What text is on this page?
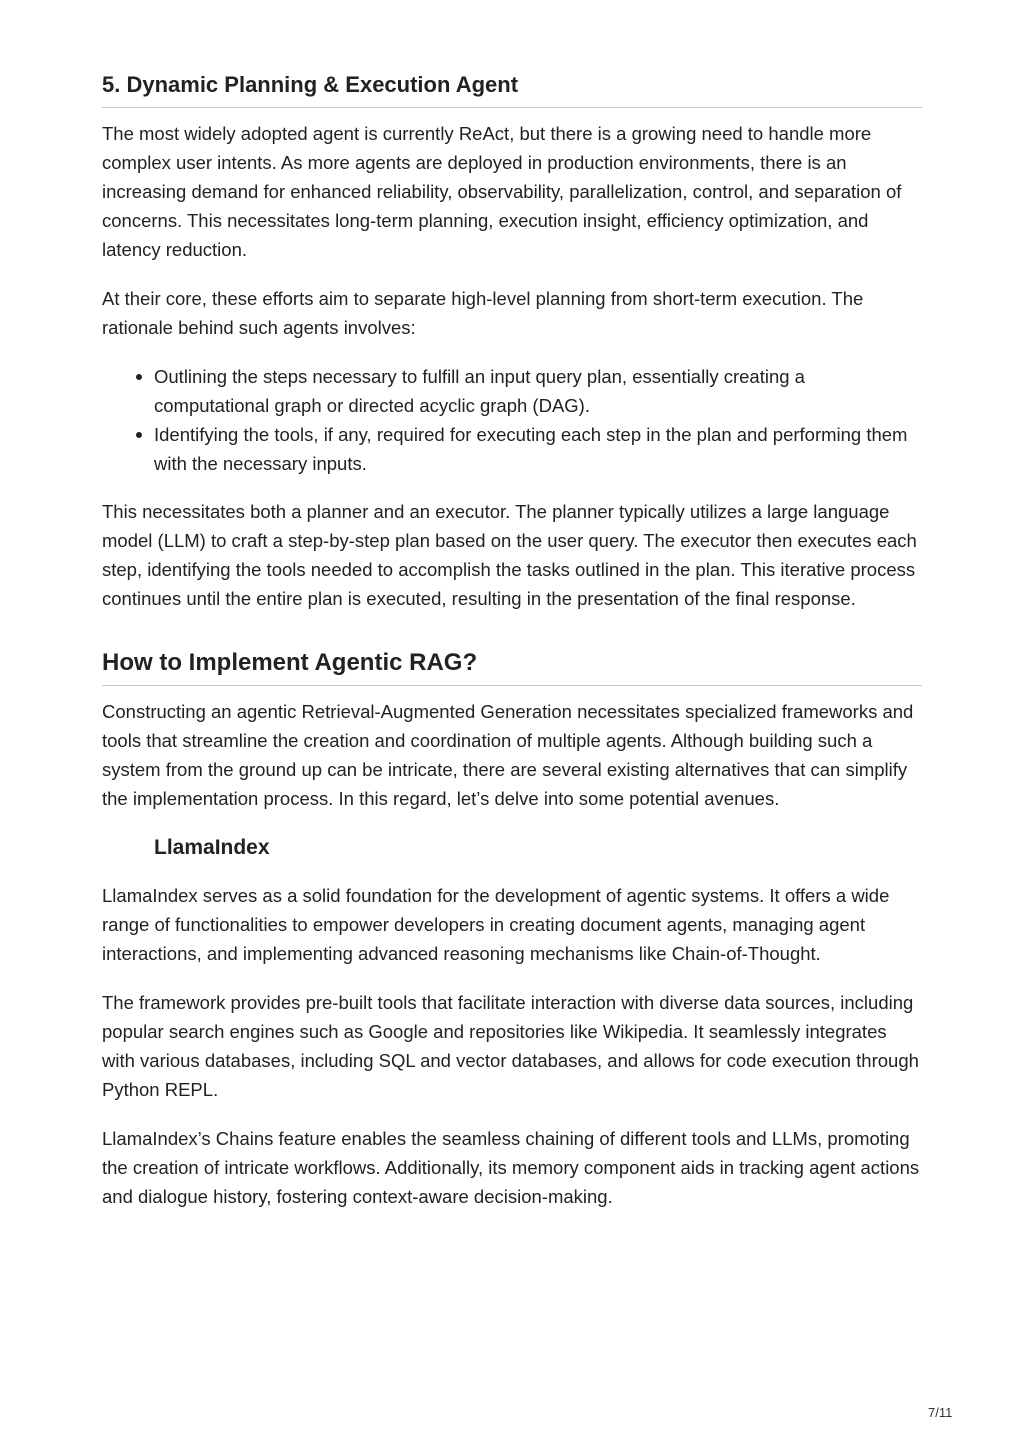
5. Dynamic Planning & Execution Agent

The most widely adopted agent is currently ReAct, but there is a growing need to handle more complex user intents. As more agents are deployed in production environments, there is an increasing demand for enhanced reliability, observability, parallelization, control, and separation of concerns. This necessitates long-term planning, execution insight, efficiency optimization, and latency reduction.

At their core, these efforts aim to separate high-level planning from short-term execution. The rationale behind such agents involves:

Outlining the steps necessary to fulfill an input query plan, essentially creating a computational graph or directed acyclic graph (DAG).
Identifying the tools, if any, required for executing each step in the plan and performing them with the necessary inputs.

This necessitates both a planner and an executor. The planner typically utilizes a large language model (LLM) to craft a step-by-step plan based on the user query. The executor then executes each step, identifying the tools needed to accomplish the tasks outlined in the plan. This iterative process continues until the entire plan is executed, resulting in the presentation of the final response.

How to Implement Agentic RAG?

Constructing an agentic Retrieval-Augmented Generation necessitates specialized frameworks and tools that streamline the creation and coordination of multiple agents. Although building such a system from the ground up can be intricate, there are several existing alternatives that can simplify the implementation process. In this regard, let’s delve into some potential avenues.

LlamaIndex

LlamaIndex serves as a solid foundation for the development of agentic systems. It offers a wide range of functionalities to empower developers in creating document agents, managing agent interactions, and implementing advanced reasoning mechanisms like Chain-of-Thought.

The framework provides pre-built tools that facilitate interaction with diverse data sources, including popular search engines such as Google and repositories like Wikipedia. It seamlessly integrates with various databases, including SQL and vector databases, and allows for code execution through Python REPL.

LlamaIndex’s Chains feature enables the seamless chaining of different tools and LLMs, promoting the creation of intricate workflows. Additionally, its memory component aids in tracking agent actions and dialogue history, fostering context-aware decision-making.

7/11
